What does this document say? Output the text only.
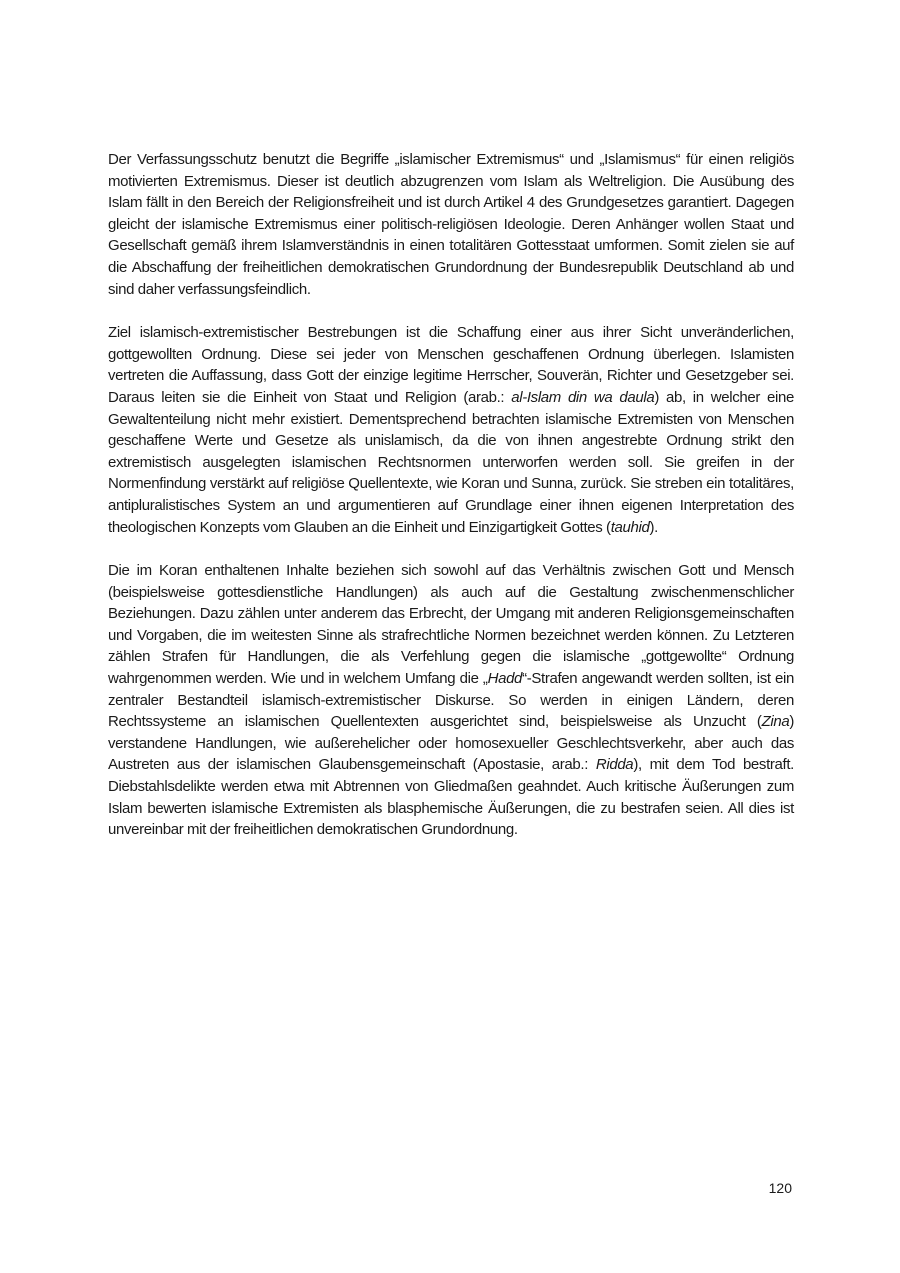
Der Verfassungsschutz benutzt die Begriffe „islamischer Extremismus“ und „Islamismus“ für einen religiös motivierten Extremismus. Dieser ist deutlich abzugrenzen vom Islam als Weltreligion. Die Ausübung des Islam fällt in den Bereich der Religionsfreiheit und ist durch Artikel 4 des Grundgesetzes garantiert. Dagegen gleicht der islamische Extremismus einer politisch-religiösen Ideologie. Deren Anhänger wollen Staat und Gesellschaft gemäß ihrem Islamverständnis in einen totalitären Gottesstaat umformen. Somit zielen sie auf die Abschaffung der freiheitlichen demokratischen Grundordnung der Bundesrepublik Deutschland ab und sind daher verfassungsfeindlich.

Ziel islamisch-extremistischer Bestrebungen ist die Schaffung einer aus ihrer Sicht unveränderlichen, gottgewollten Ordnung. Diese sei jeder von Menschen geschaffenen Ordnung überlegen. Islamisten vertreten die Auffassung, dass Gott der einzige legitime Herrscher, Souverän, Richter und Gesetzgeber sei. Daraus leiten sie die Einheit von Staat und Religion (arab.: al-Islam din wa daula) ab, in welcher eine Gewaltenteilung nicht mehr existiert. Dementsprechend betrachten islamische Extremisten von Menschen geschaffene Werte und Gesetze als unislamisch, da die von ihnen angestrebte Ordnung strikt den extremistisch ausgelegten islamischen Rechtsnormen unterworfen werden soll. Sie greifen in der Normenfindung verstärkt auf religiöse Quellentexte, wie Koran und Sunna, zurück. Sie streben ein totalitäres, antipluralistisches System an und argumentieren auf Grundlage einer ihnen eigenen Interpretation des theologischen Konzepts vom Glauben an die Einheit und Einzigartigkeit Gottes (tauhid).

Die im Koran enthaltenen Inhalte beziehen sich sowohl auf das Verhältnis zwischen Gott und Mensch (beispielsweise gottesdienstliche Handlungen) als auch auf die Gestaltung zwischenmenschlicher Beziehungen. Dazu zählen unter anderem das Erbrecht, der Umgang mit anderen Religionsgemeinschaften und Vorgaben, die im weitesten Sinne als strafrechtliche Normen bezeichnet werden können. Zu Letzteren zählen Strafen für Handlungen, die als Verfehlung gegen die islamische „gottgewollte“ Ordnung wahrgenommen werden. Wie und in welchem Umfang die „Hadd“-Strafen angewandt werden sollten, ist ein zentraler Bestandteil islamisch-extremistischer Diskurse. So werden in einigen Ländern, deren Rechtssysteme an islamischen Quellentexten ausgerichtet sind, beispielsweise als Unzucht (Zina) verstandene Handlungen, wie außerehelicher oder homosexueller Geschlechtsverkehr, aber auch das Austreten aus der islamischen Glaubensgemeinschaft (Apostasie, arab.: Ridda), mit dem Tod bestraft. Diebstahlsdelikte werden etwa mit Abtrennen von Gliedmaßen geahndet. Auch kritische Äußerungen zum Islam bewerten islamische Extremisten als blasphemische Äußerungen, die zu bestrafen seien. All dies ist unvereinbar mit der freiheitlichen demokratischen Grundordnung.

120
